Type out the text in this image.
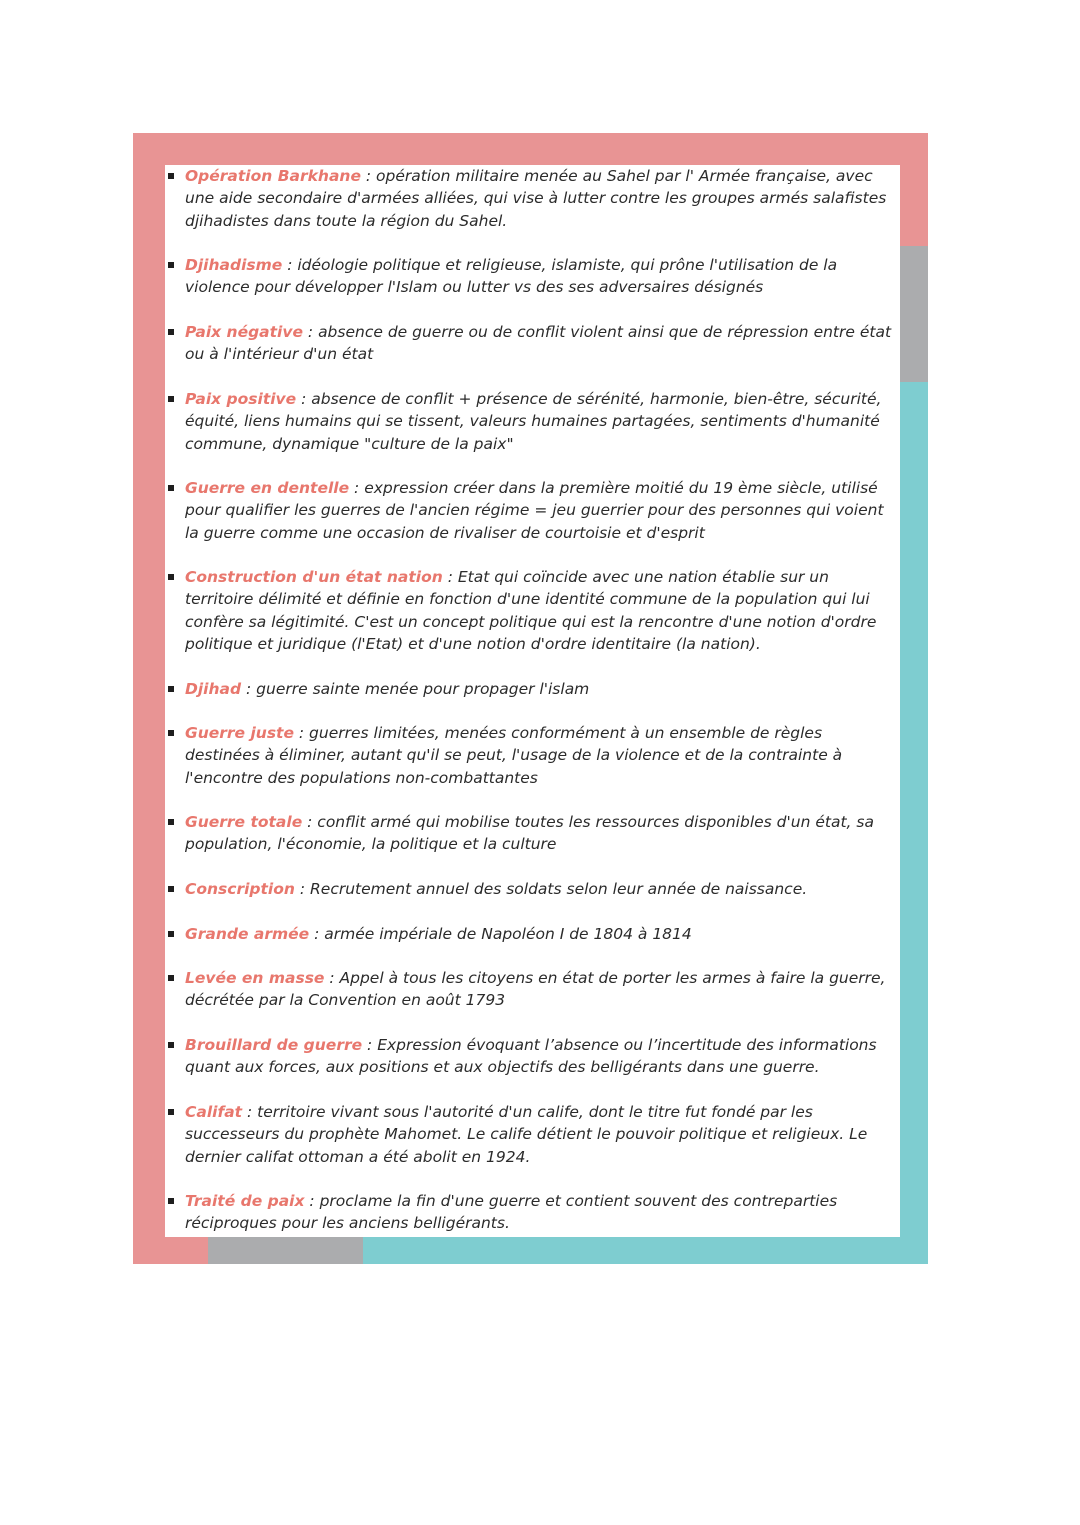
Opération Barkhane : opération militaire menée au Sahel par l' Armée française, avec une aide secondaire d'armées alliées, qui vise à lutter contre les groupes armés salafistes djihadistes dans toute la région du Sahel.
Djihadisme : idéologie politique et religieuse, islamiste, qui prône l'utilisation de la violence pour développer l'Islam ou lutter vs des ses adversaires désignés
Paix négative : absence de guerre ou de conflit violent ainsi que de répression entre état ou à l'intérieur d'un état
Paix positive : absence de conflit + présence de sérénité, harmonie, bien-être, sécurité, équité, liens humains qui se tissent, valeurs humaines partagées, sentiments d'humanité commune, dynamique "culture de la paix"
Guerre en dentelle : expression créer dans la première moitié du 19 ème siècle, utilisé pour qualifier les guerres de l'ancien régime = jeu guerrier pour des personnes qui voient la guerre comme une occasion de rivaliser de courtoisie et d'esprit
Construction d'un état nation : Etat qui coïncide avec une nation établie sur un territoire délimité et définie en fonction d'une identité commune de la population qui lui confère sa légitimité. C'est un concept politique qui est la rencontre d'une notion d'ordre politique et juridique (l'Etat) et d'une notion d'ordre identitaire (la nation).
Djihad : guerre sainte menée pour propager l'islam
Guerre juste : guerres limitées, menées conformément à un ensemble de règles destinées à éliminer, autant qu'il se peut, l'usage de la violence et de la contrainte à l'encontre des populations non-combattantes
Guerre totale : conflit armé qui mobilise toutes les ressources disponibles d'un état, sa population, l'économie, la politique et la culture
Conscription : Recrutement annuel des soldats selon leur année de naissance.
Grande armée : armée impériale de Napoléon I de 1804 à 1814
Levée en masse : Appel à tous les citoyens en état de porter les armes à faire la guerre, décrétée par la Convention en août 1793
Brouillard de guerre : Expression évoquant l’absence ou l’incertitude des informations quant aux forces, aux positions et aux objectifs des belligérants dans une guerre.
Califat : territoire vivant sous l'autorité d'un calife, dont le titre fut fondé par les successeurs du prophète Mahomet. Le calife détient le pouvoir politique et religieux. Le dernier califat ottoman a été abolit en 1924.
Traité de paix : proclame la fin d'une guerre et contient souvent des contreparties réciproques pour les anciens belligérants.
